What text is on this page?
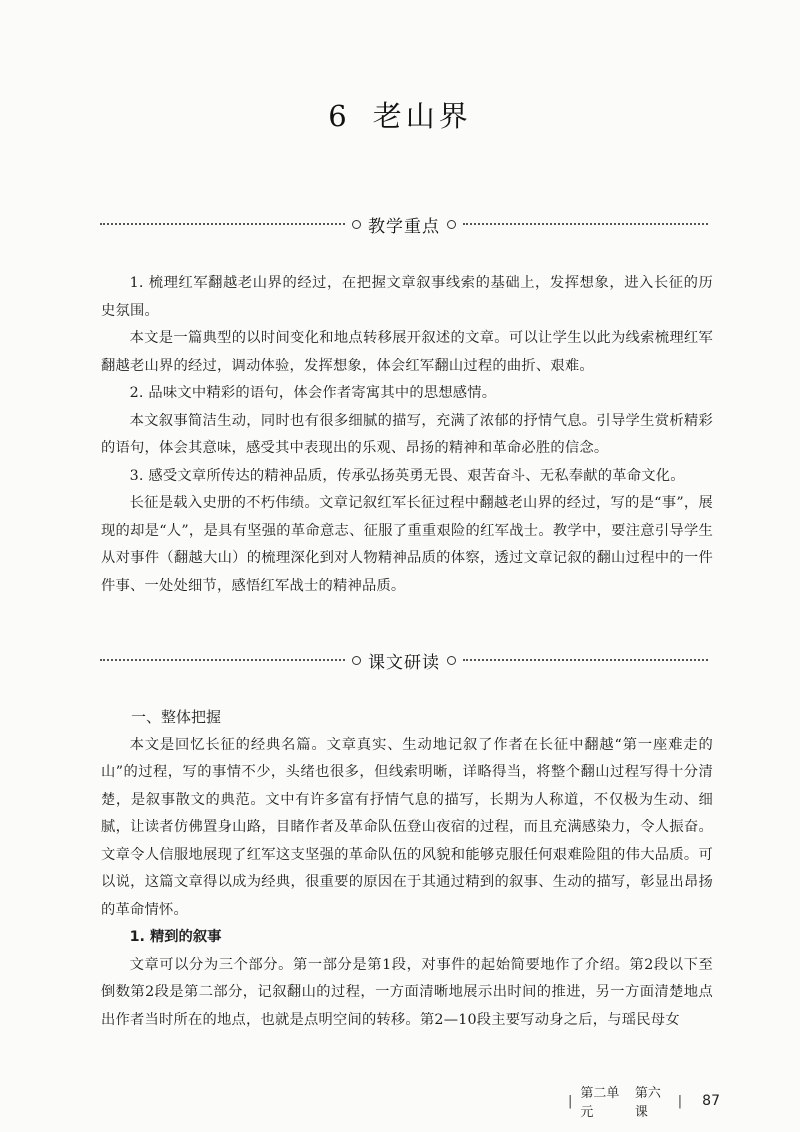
6 老山界
教学重点

1. 梳理红军翻越老山界的经过，在把握文章叙事线索的基础上，发挥想象，进入长征的历史氛围。

本文是一篇典型的以时间变化和地点转移展开叙述的文章。可以让学生以此为线索梳理红军翻越老山界的经过，调动体验，发挥想象，体会红军翻山过程的曲折、艰难。

2. 品味文中精彩的语句，体会作者寄寓其中的思想感情。

本文叙事简洁生动，同时也有很多细腻的描写，充满了浓郁的抒情气息。引导学生赏析精彩的语句，体会其意味，感受其中表现出的乐观、昂扬的精神和革命必胜的信念。

3. 感受文章所传达的精神品质，传承弘扬英勇无畏、艰苦奋斗、无私奉献的革命文化。

长征是载入史册的不朽伟绩。文章记叙红军长征过程中翻越老山界的经过，写的是“事”，展现的却是“人”，是具有坚强的革命意志、征服了重重艰险的红军战士。教学中，要注意引导学生从对事件（翻越大山）的梳理深化到对人物精神品质的体察，透过文章记叙的翻山过程中的一件件事、一处处细节，感悟红军战士的精神品质。

课文研读

一、整体把握

本文是回忆长征的经典名篇。文章真实、生动地记叙了作者在长征中翻越“第一座难走的山”的过程，写的事情不少，头绪也很多，但线索明晰，详略得当，将整个翻山过程写得十分清楚，是叙事散文的典范。文中有许多富有抒情气息的描写，长期为人称道，不仅极为生动、细腻，让读者仿佛置身山路，目睹作者及革命队伍登山夜宿的过程，而且充满感染力，令人振奋。文章令人信服地展现了红军这支坚强的革命队伍的风貌和能够克服任何艰难险阻的伟大品质。可以说，这篇文章得以成为经典，很重要的原因在于其通过精到的叙事、生动的描写，彰显出昂扬的革命情怀。

1. 精到的叙事

文章可以分为三个部分。第一部分是第1段，对事件的起始简要地作了介绍。第2段以下至倒数第2段是第二部分，记叙翻山的过程，一方面清晰地展示出时间的推进，另一方面清楚地点出作者当时所在的地点，也就是点明空间的转移。第2—10段主要写动身之后，与瑶民母女

| 第二单元
第六课
| 87
